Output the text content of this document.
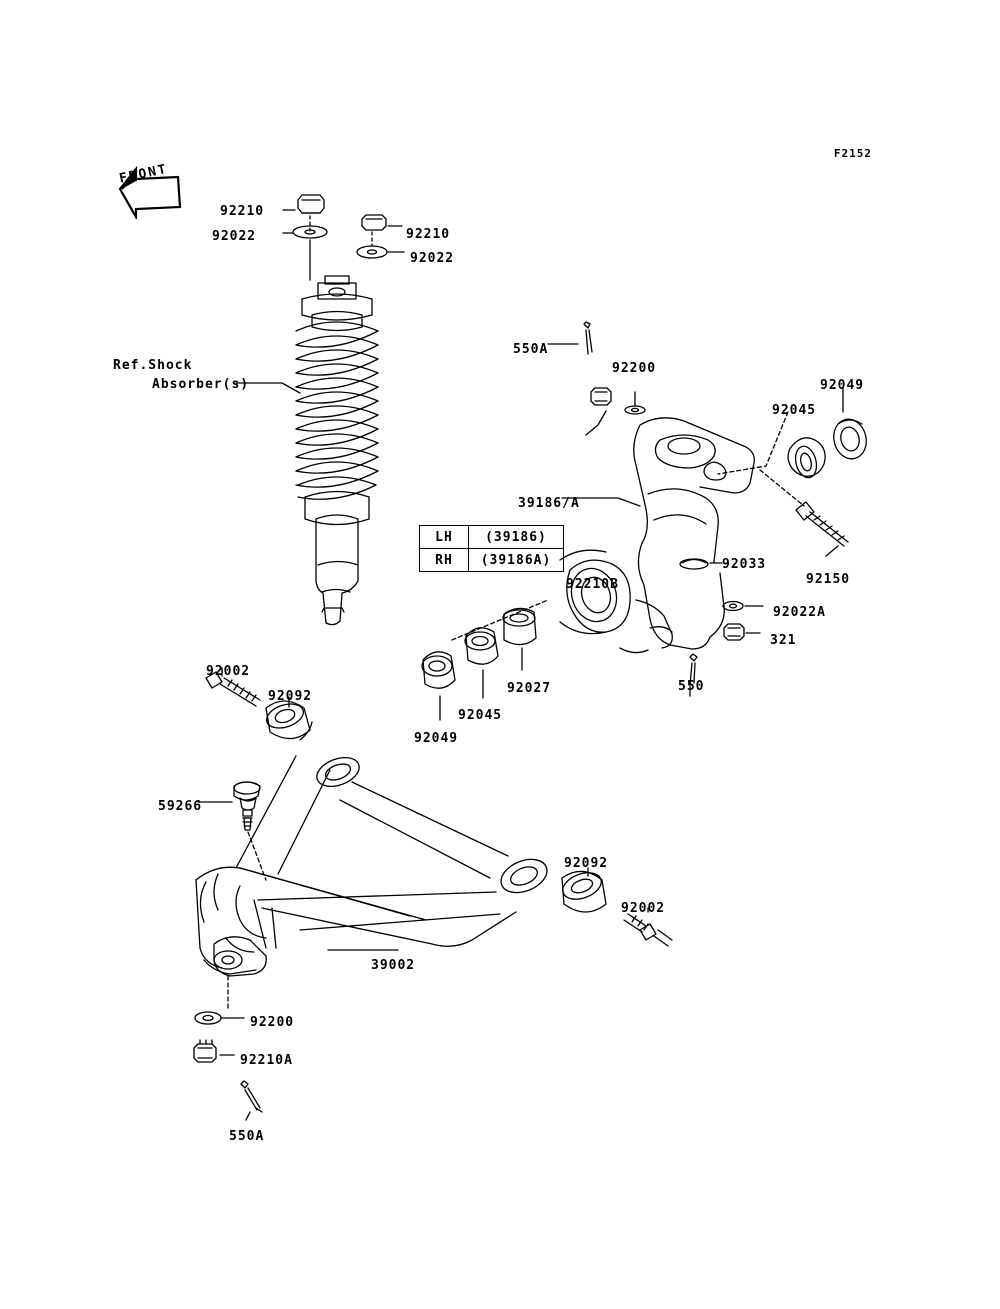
F2152
FRONT
Ref.Shock
Absorber(s)
LH	(39186)
RH	(39186A)
92210
92022	92210
92022
550A
92200
92049
92045
92210B
39186/A
92033
92150
92022A
321
92027
92045
92049
550
92002
92092
59266
92092
92002
39002
92200
92210A
550A
